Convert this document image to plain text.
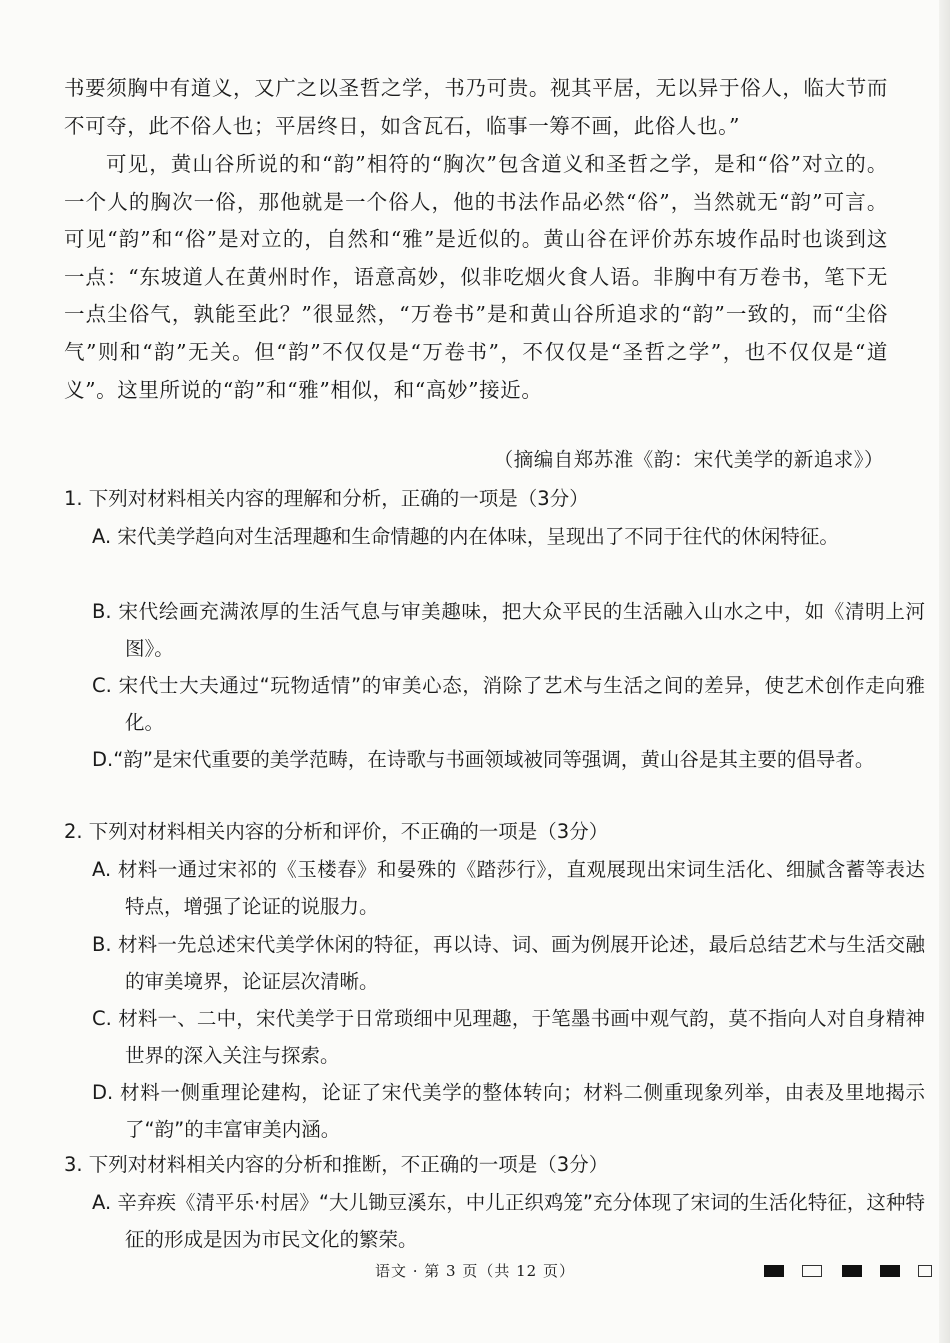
书要须胸中有道义，又广之以圣哲之学，书乃可贵。视其平居，无以异于俗人，临大节而不可夺，此不俗人也；平居终日，如含瓦石，临事一筹不画，此俗人也。”

可见，黄山谷所说的和“韵”相符的“胸次”包含道义和圣哲之学，是和“俗”对立的。一个人的胸次一俗，那他就是一个俗人，他的书法作品必然“俗”，当然就无“韵”可言。可见“韵”和“俗”是对立的，自然和“雅”是近似的。黄山谷在评价苏东坡作品时也谈到这一点：“东坡道人在黄州时作，语意高妙，似非吃烟火食人语。非胸中有万卷书，笔下无一点尘俗气，孰能至此？”很显然，“万卷书”是和黄山谷所追求的“韵”一致的，而“尘俗气”则和“韵”无关。但“韵”不仅仅是“万卷书”，不仅仅是“圣哲之学”，也不仅仅是“道义”。这里所说的“韵”和“雅”相似，和“高妙”接近。

（摘编自郑苏淮《韵：宋代美学的新追求》）

1. 下列对材料相关内容的理解和分析，正确的一项是（3分）

A. 宋代美学趋向对生活理趣和生命情趣的内在体味，呈现出了不同于往代的休闲特征。

B. 宋代绘画充满浓厚的生活气息与审美趣味，把大众平民的生活融入山水之中，如《清明上河图》。

C. 宋代士大夫通过“玩物适情”的审美心态，消除了艺术与生活之间的差异，使艺术创作走向雅化。

D.“韵”是宋代重要的美学范畴，在诗歌与书画领域被同等强调，黄山谷是其主要的倡导者。

2. 下列对材料相关内容的分析和评价，不正确的一项是（3分）

A. 材料一通过宋祁的《玉楼春》和晏殊的《踏莎行》，直观展现出宋词生活化、细腻含蓄等表达特点，增强了论证的说服力。

B. 材料一先总述宋代美学休闲的特征，再以诗、词、画为例展开论述，最后总结艺术与生活交融的审美境界，论证层次清晰。

C. 材料一、二中，宋代美学于日常琐细中见理趣，于笔墨书画中观气韵，莫不指向人对自身精神世界的深入关注与探索。

D. 材料一侧重理论建构，论证了宋代美学的整体转向；材料二侧重现象列举，由表及里地揭示了“韵”的丰富审美内涵。

3. 下列对材料相关内容的分析和推断，不正确的一项是（3分）

A. 辛弃疾《清平乐·村居》“大儿锄豆溪东，中儿正织鸡笼”充分体现了宋词的生活化特征，这种特征的形成是因为市民文化的繁荣。

语文 · 第 3 页（共 12 页）
